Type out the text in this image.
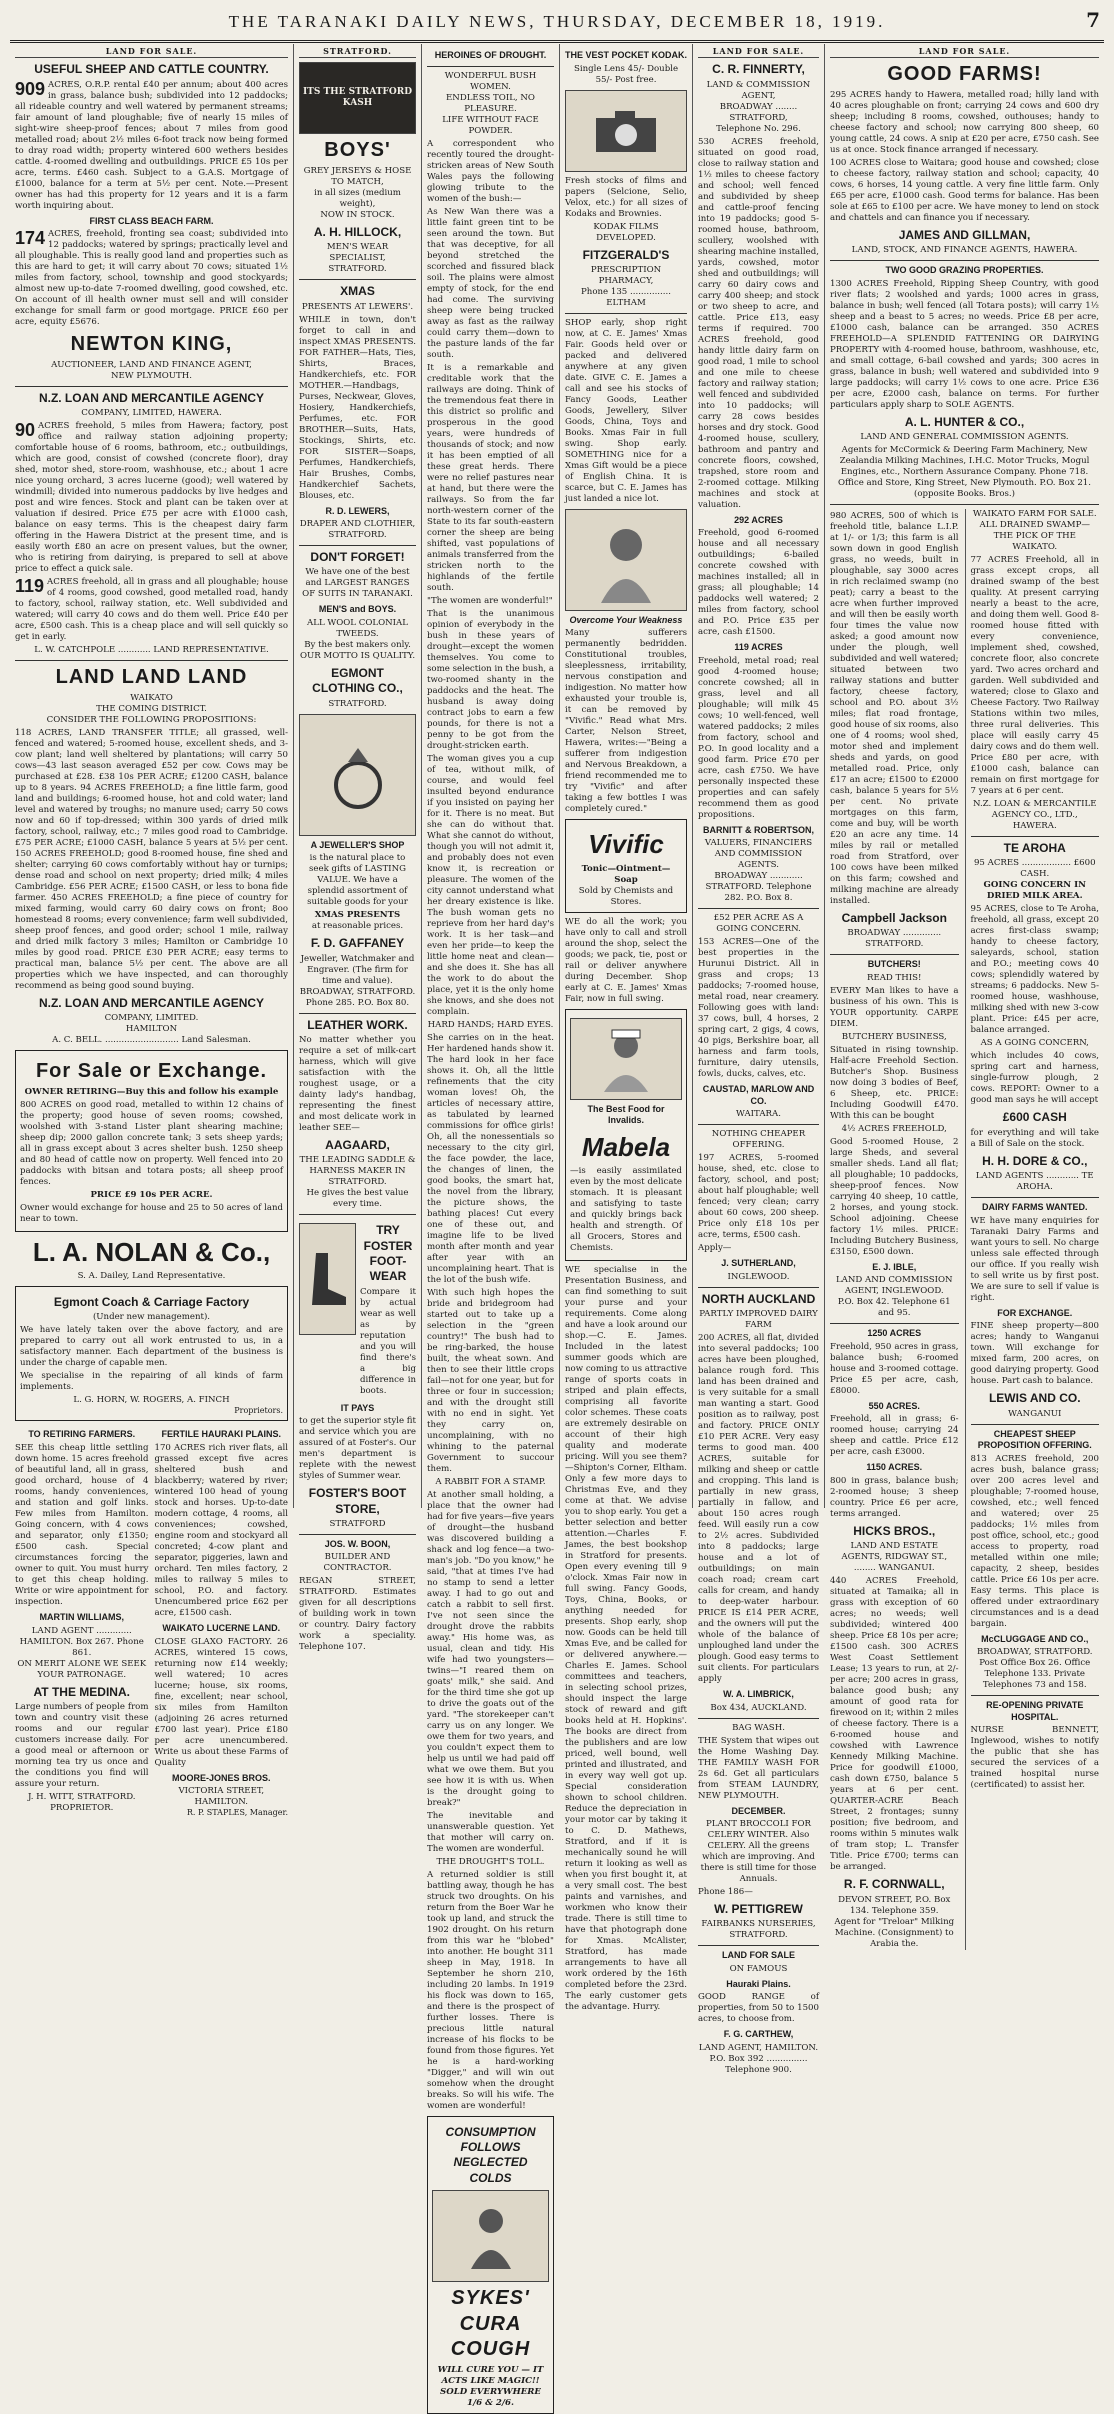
THE TARANAKI DAILY NEWS, THURSDAY, DECEMBER 18, 1919.	7
LAND FOR SALE.
USEFUL SHEEP AND CATTLE COUNTRY.

909 ACRES, O.R.P. rental £40 per annum; about 400 acres in grass, balance bush; subdivided into 12 paddocks; all rideable country and well watered by permanent streams; fair amount of land ploughable; five of nearly 15 miles of sight-wire sheep-proof fences; about 7 miles from good metalled road; about 2½ miles 6-foot track now being formed to dray road width; property wintered 600 wethers besides cattle. 4-roomed dwelling and outbuildings. PRICE £5 10s per acre, terms. £460 cash. Subject to a G.A.S. Mortgage of £1000, balance for a term at 5½ per cent. Note.—Present owner has had this property for 12 years and it is a farm worth inquiring about.

FIRST CLASS BEACH FARM.

174 ACRES, freehold, fronting sea coast; subdivided into 12 paddocks; watered by springs; practically level and all ploughable. This is really good land and properties such as this are hard to get; it will carry about 70 cows; situated 1½ miles from factory, school, township and good stockyards; almost new up-to-date 7-roomed dwelling, good cowshed, etc. On account of ill health owner must sell and will consider exchange for small farm or good mortgage. PRICE £60 per acre, equity £5676.

NEWTON KING,
AUCTIONEER, LAND AND FINANCE AGENT,
NEW PLYMOUTH.
N.Z. LOAN AND MERCANTILE AGENCY
COMPANY, LIMITED, HAWERA.

90 ACRES freehold, 5 miles from Hawera; factory, post office and railway station adjoining property; comfortable house of 6 rooms, bathroom, etc.; outbuildings, which are good, consist of cowshed (concrete floor), dray shed, motor shed, store-room, washhouse, etc.; about 1 acre nice young orchard, 3 acres lucerne (good); well watered by windmill; divided into numerous paddocks by live hedges and post and wire fences. Stock and plant can be taken over at valuation if desired. Price £75 per acre with £1000 cash, balance on easy terms. This is the cheapest dairy farm offering in the Hawera District at the present time, and is easily worth £80 an acre on present values, but the owner, who is retiring from dairying, is prepared to sell at above price to effect a quick sale.

119 ACRES freehold, all in grass and all ploughable; house of 4 rooms, good cowshed, good metalled road, handy to factory, school, railway station, etc. Well subdivided and watered; will carry 40 cows and do them well. Price £40 per acre, £500 cash. This is a cheap place and will sell quickly so get in early.

L. W. CATCHPOLE ............ LAND REPRESENTATIVE.
LAND LAND LAND
WAIKATO
THE COMING DISTRICT.
CONSIDER THE FOLLOWING PROPOSITIONS:

118 ACRES, LAND TRANSFER TITLE; all grassed, well-fenced and watered; 5-roomed house, excellent sheds, and 3-cow plant; land well sheltered by plantations; will carry 50 cows—43 last season averaged £52 per cow. Cows may be purchased at £28. £38 10s PER ACRE; £1200 CASH, balance up to 8 years. 94 ACRES FREEHOLD; a fine little farm, good land and buildings; 6-roomed house, hot and cold water; land level and watered by troughs; no manure used; carry 50 cows now and 60 if top-dressed; within 300 yards of dried milk factory, school, railway, etc.; 7 miles good road to Cambridge. £75 PER ACRE; £1000 CASH, balance 5 years at 5½ per cent. 150 ACRES FREEHOLD; good 8-roomed house, fine shed and shelter; carrying 60 cows comfortably without hay or turnips; dense road and school on next property; dried milk; 4 miles Cambridge. £56 PER ACRE; £1500 CASH, or less to bona fide farmer. 450 ACRES FREEHOLD; a fine piece of country for mixed farming, would carry 60 dairy cows on front; 8oo homestead 8 rooms; every convenience; farm well subdivided, sheep proof fences, and good order; school 1 mile, railway and dried milk factory 3 miles; Hamilton or Cambridge 10 miles by good road. PRICE £30 PER ACRE; easy terms to practical man, balance 5½ per cent. The above are all properties which we have inspected, and can thoroughly recommend as being good sound buying.

N.Z. LOAN AND MERCANTILE AGENCY
COMPANY, LIMITED.
HAMILTON
A. C. BELL. ........................... Land Salesman.
For Sale or Exchange.
OWNER RETIRING—Buy this and follow his example

800 ACRES on good road, metalled to within 12 chains of the property; good house of seven rooms; cowshed, woolshed with 3-stand Lister plant shearing machine; sheep dip; 2000 gallon concrete tank; 3 sets sheep yards; all in grass except about 3 acres shelter bush. 1250 sheep and 80 head of cattle now on property. Well fenced into 20 paddocks with bitsan and totara posts; all sheep proof fences.

PRICE £9 10s PER ACRE.

Owner would exchange for house and 25 to 50 acres of land near to town.

L. A. NOLAN & Co.,
S. A. Dailey, Land Representative.
Egmont Coach & Carriage Factory
(Under new management).

We have lately taken over the above factory, and are prepared to carry out all work entrusted to us, in a satisfactory manner. Each department of the business is under the charge of capable men.

We specialise in the repairing of all kinds of farm implements.

L. G. HORN, W. ROGERS, A. FINCH
Proprietors.
TO RETIRING FARMERS.

SEE this cheap little settling down home. 15 acres freehold of beautiful land, all in grass, good orchard, house of 4 rooms, handy conveniences, and station and golf links. Few miles from Hamilton. Going concern, with 4 cows and separator, only £1350; £500 cash. Special circumstances forcing the owner to quit. You must hurry to get this cheap holding. Write or wire appointment for inspection.

MARTIN WILLIAMS,
LAND AGENT ............. HAMILTON. Box 267. Phone 861.
ON MERIT ALONE WE SEEK YOUR PATRONAGE.
AT THE MEDINA.

Large numbers of people from town and country visit these rooms and our regular customers increase daily. For a good meal or afternoon or morning tea try us once and the conditions you find will assure your return.

J. H. WITT, STRATFORD.
PROPRIETOR.
FERTILE HAURAKI PLAINS.

170 ACRES rich river flats, all grassed except five acres sheltered bush and blackberry; watered by river; wintered 100 head of young stock and horses. Up-to-date modern cottage, 4 rooms, all conveniences; cowshed, engine room and stockyard all concreted; 4-cow plant and separator, piggeries, lawn and orchard. Ten miles factory, 2 miles to railway 5 miles to school, P.O. and factory. Unencumbered price £62 per acre, £1500 cash.

WAIKATO LUCERNE LAND.

CLOSE GLAXO FACTORY. 26 ACRES, wintered 15 cows, returning now £14 weekly; well watered; 10 acres lucerne; house, six rooms, fine, excellent; near school, six miles from Hamilton (adjoining 26 acres returned £700 last year). Price £180 per acre unencumbered. Write us about these Farms of Quality

MOORE-JONES BROS.
VICTORIA STREET, HAMILTON.
R. P. STAPLES, Manager.
STRATFORD.
ITS THE STRATFORD KASH
BOYS'
GREY JERSEYS & HOSE TO MATCH,
in all sizes (medium weight),
NOW IN STOCK.
A. H. HILLOCK,
MEN'S WEAR SPECIALIST, STRATFORD.
XMAS
PRESENTS AT LEWERS'.

WHILE in town, don't forget to call in and inspect XMAS PRESENTS. FOR FATHER—Hats, Ties, Shirts, Braces, Handkerchiefs, etc. FOR MOTHER.—Handbags, Purses, Neckwear, Gloves, Hosiery, Handkerchiefs, Perfumes, etc. FOR BROTHER—Suits, Hats, Stockings, Shirts, etc. FOR SISTER—Soaps, Perfumes, Handkerchiefs, Hair Brushes, Combs, Handkerchief Sachets, Blouses, etc.

R. D. LEWERS,
DRAPER AND CLOTHIER, STRATFORD.
DON'T FORGET!

We have one of the best and LARGEST RANGES OF SUITS IN TARANAKI.

MEN'S and BOYS.
ALL WOOL COLONIAL TWEEDS.
By the best makers only.
OUR MOTTO IS QUALITY.
EGMONT CLOTHING CO.,
STRATFORD.
A JEWELLER'S SHOP

is the natural place to seek gifts of LASTING VALUE. We have a splendid assortment of suitable goods for your

XMAS PRESENTS
at reasonable prices.
F. D. GAFFANEY

Jeweller, Watchmaker and Engraver. (The firm for time and value). BROADWAY, STRATFORD. Phone 285. P.O. Box 80.

LEATHER WORK.

No matter whether you require a set of milk-cart harness, which will give satisfaction with the roughest usage, or a dainty lady's handbag, representing the finest and most delicate work in leather SEE—

AAGAARD,
THE LEADING SADDLE & HARNESS MAKER IN STRATFORD.
He gives the best value every time.
TRY FOSTER FOOT-WEAR

Compare it by actual wear as well as by reputation and you will find there's a big difference in boots.

IT PAYS

to get the superior style fit and service which you are assured of at Foster's. Our men's department is replete with the newest styles of Summer wear.

FOSTER'S BOOT STORE,
STRATFORD
JOS. W. BOON,
BUILDER AND CONTRACTOR.

REGAN STREET, STRATFORD. Estimates given for all descriptions of building work in town or country. Dairy factory work a speciality. Telephone 107.

HEROINES OF DROUGHT.
WONDERFUL BUSH WOMEN.
ENDLESS TOIL, NO PLEASURE.
LIFE WITHOUT FACE POWDER.

A correspondent who recently toured the drought-stricken areas of New South Wales pays the following glowing tribute to the women of the bush:—

As New Wan there was a little faint green tint to be seen around the town. But that was deceptive, for all beyond stretched the scorched and fissured black soil. The plains were almost empty of stock, for the end had come. The surviving sheep were being trucked away as fast as the railway could carry them—down to the pasture lands of the far south.

It is a remarkable and creditable work that the railways are doing. Think of the tremendous feat there in this district so prolific and prosperous in the good years, were hundreds of thousands of stock; and now it has been emptied of all these great herds. There were no relief pastures near at hand, but there were the railways. So from the far north-western corner of the State to its far south-eastern corner the sheep are being shifted, vast populations of animals transferred from the stricken north to the highlands of the fertile south.

"The women are wonderful!"

That is the unanimous opinion of everybody in the bush in these years of drought—except the women themselves. You come to some selection in the bush, a two-roomed shanty in the paddocks and the heat. The husband is away doing contract jobs to earn a few pounds, for there is not a penny to be got from the drought-stricken earth.

The woman gives you a cup of tea, without milk, of course, and would feel insulted beyond endurance if you insisted on paying her for it. There is no meat. But she can do without that. What she cannot do without, though you will not admit it, and probably does not even know it, is recreation or pleasure. The women of the city cannot understand what her dreary existence is like. The bush woman gets no reprieve from her hard day's work. It is her task—and even her pride—to keep the little home neat and clean—and she does it. She has all the work to do about the place, yet it is the only home she knows, and she does not complain.

HARD HANDS; HARD EYES.

She carries on in the heat. Her hardened hands show it. The hard look in her face shows it. Oh, all the little refinements that the city woman loves! Oh, the articles of necessary attire, as tabulated by learned commissions for office girls! Oh, all the nonessentials so necessary to the city girl, the face powder, the lace, the changes of linen, the good books, the smart hat, the novel from the library, the picture shows, the bathing places! Cut every one of these out, and imagine life to be lived month after month and year after year with an uncomplaining heart. That is the lot of the bush wife.

With such high hopes the bride and bridegroom had started out to take up a selection in the "green country!" The bush had to be ring-barked, the house built, the wheat sown. And then to see their little crops fail—not for one year, but for three or four in succession; and with the drought still with no end in sight. Yet they carry on, uncomplaining, with no whining to the paternal Government to succour them.

A RABBIT FOR A STAMP.

At another small holding, a place that the owner had had for five years—five years of drought—the husband was discovered building a shack and log fence—a two-man's job. "Do you know," he said, "that at times I've had no stamp to send a letter away. I had to go out and catch a rabbit to sell first. I've not seen since the drought drove the rabbits away." His home was, as usual, clean and tidy. His wife had two youngsters—twins—"I reared them on goats' milk," she said. And for the third time she got up to drive the goats out of the yard. "The storekeeper can't carry us on any longer. We owe them for two years, and you couldn't expect them to help us until we had paid off what we owe them. But you see how it is with us. When is the drought going to break?"

The inevitable and unanswerable question. Yet that mother will carry on. The women are wonderful.

THE DROUGHT'S TOLL.

A returned soldier is still battling away, though he has struck two droughts. On his return from the Boer War he took up land, and struck the 1902 drought. On his return from this war he "blobed" into another. He bought 311 sheep in May, 1918. In September he shorn 210, including 20 lambs. In 1919 his flock was down to 165, and there is the prospect of further losses. There is precious little natural increase of his flocks to be found from those figures. Yet he is a hard-working "Digger," and will win out somehow when the drought breaks. So will his wife. The women are wonderful!

CONSUMPTION FOLLOWS NEGLECTED COLDS
SYKES' CURA COUGH
WILL CURE YOU — IT ACTS LIKE MAGIC!! SOLD EVERYWHERE 1/6 & 2/6.
THE VEST POCKET KODAK.
Single Lens 45/- Double 55/- Post free.

Fresh stocks of films and papers (Selcione, Selio, Velox, etc.) for all sizes of Kodaks and Brownies.

KODAK FILMS DEVELOPED.
FITZGERALD'S
PRESCRIPTION PHARMACY,
Phone 135 ............... ELTHAM

SHOP early, shop right now, at C. E. James' Xmas Fair. Goods held over or packed and delivered anywhere at any given date. GIVE C. E. James a call and see his stocks of Fancy Goods, Leather Goods, Jewellery, Silver Goods, China, Toys and Books. Xmas Fair in full swing. Shop early. SOMETHING nice for a Xmas Gift would be a piece of English China. It is scarce, but C. E. James has just landed a nice lot.

Overcome Your Weakness

Many sufferers permanently bedridden. Constitutional troubles, sleeplessness, irritability, nervous constipation and indigestion. No matter how exhausted your trouble is, it can be removed by "Vivific." Read what Mrs. Carter, Nelson Street, Hawera, writes:—"Being a sufferer from indigestion and Nervous Breakdown, a friend recommended me to try "Vivific" and after taking a few bottles I was completely cured."

Vivific
Tonic—Ointment—Soap
Sold by Chemists and Stores.

WE do all the work; you have only to call and stroll around the shop, select the goods; we pack, tie, post or rail or deliver anywhere during December. Shop early at C. E. James' Xmas Fair, now in full swing.

The Best Food for Invalids.
Mabela

—is easily assimilated even by the most delicate stomach. It is pleasant and satisfying to taste and quickly brings back health and strength. Of all Grocers, Stores and Chemists.

WE specialise in the Presentation Business, and can find something to suit your purse and your requirements. Come along and have a look around our shop.—C. E. James. Included in the latest summer goods which are now coming to us attractive range of sports coats in striped and plain effects, comprising all favorite color schemes. These coats are extremely desirable on account of their high quality and moderate pricing. Will you see them?—Shipton's Corner, Eltham. Only a few more days to Christmas Eve, and they come at that. We advise you to shop early. You get a better selection and better attention.—Charles F. James, the best bookshop in Stratford for presents. Open every evening till 9 o'clock. Xmas Fair now in full swing. Fancy Goods, Toys, China, Books, or anything needed for presents. Shop early, shop now. Goods can be held till Xmas Eve, and be called for or delivered anywhere.—Charles E. James. School committees and teachers, in selecting school prizes, should inspect the large stock of reward and gift books held at H. Hopkins'. The books are direct from the publishers and are low priced, well bound, well printed and illustrated, and in every way well got up. Special consideration shown to school children. Reduce the depreciation in your motor car by taking it to C. D. Mathews, Stratford, and if it is mechanically sound he will return it looking as well as when you first bought it, at a very small cost. The best paints and varnishes, and workmen who know their trade. There is still time to have that photograph done for Xmas. McAlister, Stratford, has made arrangements to have all work ordered by the 16th completed before the 23rd. The early customer gets the advantage. Hurry.

LAND FOR SALE.
C. R. FINNERTY,
LAND & COMMISSION AGENT,
BROADWAY ........ STRATFORD,
Telephone No. 296.

530 ACRES freehold, situated on good road, close to railway station and 1½ miles to cheese factory and school; well fenced and subdivided by sheep and cattle-proof fencing into 19 paddocks; good 5-roomed house, bathroom, scullery, woolshed with shearing machine installed, yards, cowshed, motor shed and outbuildings; will carry 60 dairy cows and carry 400 sheep; and stock or two sheep to acre, and cattle. Price £13, easy terms if required. 700 ACRES freehold, good handy little dairy farm on good road, 1 mile to school and one mile to cheese factory and railway station; well fenced and subdivided into 10 paddocks; will carry 28 cows besides horses and dry stock. Good 4-roomed house, scullery, bathroom and pantry and concrete floors, cowshed, trapshed, store room and 2-roomed cottage. Milking machines and stock at valuation.

292 ACRES

Freehold, good 6-roomed house and all necessary outbuildings; 6-bailed concrete cowshed with machines installed; all in grass; all ploughable; 14 paddocks well watered; 2 miles from factory, school and P.O. Price £35 per acre, cash £1500.

119 ACRES

Freehold, metal road; real good 4-roomed house; concrete cowshed; all in grass, level and all ploughable; will milk 45 cows; 10 well-fenced, well watered paddocks; 2 miles from factory, school and P.O. In good locality and a good farm. Price £70 per acre, cash £750. We have personally inspected these properties and can safely recommend them as good propositions.

BARNITT & ROBERTSON,
VALUERS, FINANCIERS AND COMMISSION AGENTS.
BROADWAY ............ STRATFORD. Telephone 282. P.O. Box 8.
£52 PER ACRE AS A GOING CONCERN.

153 ACRES—One of the best properties in the Hurunui District. All in grass and crops; 13 paddocks; 7-roomed house, metal road, near creamery. Following goes with land: 37 cows, bull, 4 horses, 2 spring cart, 2 gigs, 4 cows, 40 pigs, Berkshire boar, all harness and farm tools, furniture, dairy utensils, fowls, ducks, calves, etc.

CAUSTAD, MARLOW AND CO.
WAITARA.
NOTHING CHEAPER OFFERING.

197 ACRES, 5-roomed house, shed, etc. close to factory, school, and post; about half ploughable; well fenced; very clean; carry about 60 cows, 200 sheep. Price only £18 10s per acre, terms, £500 cash.

Apply—
J. SUTHERLAND,
INGLEWOOD.
NORTH AUCKLAND
PARTLY IMPROVED DAIRY FARM

200 ACRES, all flat, divided into several paddocks; 100 acres have been ploughed, balance rough ford. This land has been drained and is very suitable for a small man wanting a start. Good position as to railway, post and factory. PRICE ONLY £10 PER ACRE. Very easy terms to good man. 400 ACRES, suitable for milking and sheep or cattle and cropping. This land is partially in new grass, partially in fallow, and about 150 acres rough feed. Will easily run a cow to 2½ acres. Subdivided into 8 paddocks; large house and a lot of outbuildings; on main coach road; cream cart calls for cream, and handy to deep-water harbour. PRICE IS £14 PER ACRE, and the owners will put the whole of the balance of unploughed land under the plough. Good easy terms to suit clients. For particulars apply

W. A. LIMBRICK,
Box 434, AUCKLAND.
BAG WASH.

THE System that wipes out the Home Washing Day. THE FAMILY WASH FOR 2s 6d. Get all particulars from STEAM LAUNDRY, NEW PLYMOUTH.

DECEMBER.

PLANT BROCCOLI FOR CELERY WINTER. Also CELERY. All the greens which are improving. And there is still time for those Annuals.

Phone 186—
W. PETTIGREW
FAIRBANKS NURSERIES, STRATFORD.
LAND FOR SALE
ON FAMOUS
Hauraki Plains.

GOOD RANGE of properties, from 50 to 1500 acres, to choose from.

F. G. CARTHEW,
LAND AGENT, HAMILTON.
P.O. Box 392 ............... Telephone 900.
LAND FOR SALE.
GOOD FARMS!

295 ACRES handy to Hawera, metalled road; hilly land with 40 acres ploughable on front; carrying 24 cows and 600 dry sheep; including 8 rooms, cowshed, outhouses; handy to cheese factory and school; now carrying 800 sheep, 60 young cattle, 24 cows. A snip at £20 per acre, £750 cash. See us at once. Stock finance arranged if necessary.

100 ACRES close to Waitara; good house and cowshed; close to cheese factory, railway station and school; capacity, 40 cows, 6 horses, 14 young cattle. A very fine little farm. Only £65 per acre, £1000 cash. Good terms for balance. Has been sole at £65 to £100 per acre. We have money to lend on stock and chattels and can finance you if necessary.

JAMES AND GILLMAN,
LAND, STOCK, AND FINANCE AGENTS, HAWERA.
TWO GOOD GRAZING PROPERTIES.

1300 ACRES Freehold, Ripping Sheep Country, with good river flats; 2 woolshed and yards; 1000 acres in grass, balance in bush; well fenced (all Totara posts); will carry 1½ sheep and a beast to 5 acres; no weeds. Price £8 per acre, £1000 cash, balance can be arranged. 350 ACRES FREEHOLD—A SPLENDID FATTENING OR DAIRYING PROPERTY with 4-roomed house, bathroom, washhouse, etc, and small cottage, 6-bail cowshed and yards; 300 acres in grass, balance in bush; well watered and subdivided into 9 large paddocks; will carry 1½ cows to one acre. Price £36 per acre, £2000 cash, balance on terms. For further particulars apply sharp to SOLE AGENTS.

A. L. HUNTER & CO.,
LAND AND GENERAL COMMISSION AGENTS.

Agents for McCormick & Deering Farm Machinery, New Zealandia Milking Machines, I.H.C. Motor Trucks, Mogul Engines, etc., Northern Assurance Company. Phone 718. Office and Store, King Street, New Plymouth. P.O. Box 21. (opposite Books. Bros.)

980 ACRES, 500 of which is freehold title, balance L.I.P. at 1/- or 1/3; this farm is all sown down in good English grass, no weeds, built in ploughable, say 3000 acres in rich reclaimed swamp (no peat); carry a beast to the acre when further improved and will then be easily worth four times the value now asked; a good amount now under the plough, well subdivided and well watered; situated between two railway stations and butter factory, cheese factory, school and P.O. about 3½ miles; flat road frontage, good house of six rooms, also one of 4 rooms; wool shed, motor shed and implement sheds and yards, on good metalled road. Price, only £17 an acre; £1500 to £2000 cash, balance 5 years for 5½ per cent. No private mortgages on this farm, come and buy, will be worth £20 an acre any time. 14 miles by rail or metalled road from Stratford, over 100 cows have been milked on this farm; cowshed and milking machine are already installed.

Campbell Jackson
BROADWAY .............. STRATFORD.
BUTCHERS!
READ THIS!

EVERY Man likes to have a business of his own. This is YOUR opportunity. CARPE DIEM.

BUTCHERY BUSINESS,

Situated in rising township. Half-acre Freehold Section. Butcher's Shop. Business now doing 3 bodies of Beef, 6 Sheep, etc. PRICE: Including Goodwill £470. With this can be bought

4½ ACRES FREEHOLD,

Good 5-roomed House, 2 large Sheds, and several smaller sheds. Land all flat; all ploughable; 10 paddocks, sheep-proof fences. Now carrying 40 sheep, 10 cattle, 2 horses, and young stock. School adjoining. Cheese factory 1½ miles. PRICE: Including Butchery Business, £3150, £500 down.

E. J. IBLE,
LAND AND COMMISSION AGENT, INGLEWOOD.
P.O. Box 42. Telephone 61 and 95.
1250 ACRES

Freehold, 950 acres in grass, balance bush; 6-roomed house and 3-roomed cottage. Price £5 per acre, cash, £8000.

550 ACRES.

Freehold, all in grass; 6-roomed house; carrying 24 sheep and cattle. Price £12 per acre, cash £3000.

1150 ACRES.

800 in grass, balance bush; 2-roomed house; 3 sheep country. Price £6 per acre, terms arranged.

HICKS BROS.,
LAND AND ESTATE AGENTS, RIDGWAY ST., ........ WANGANUI.

440 ACRES Freehold, situated at Tamaika; all in grass with exception of 60 acres; no weeds; well subdivided; wintered 400 sheep. Price £8 10s per acre; £1500 cash. 300 ACRES West Coast Settlement Lease; 13 years to run, at 2/- per acre; 200 acres in grass, balance good bush; any amount of good rata for firewood on it; within 2 miles of cheese factory. There is a 6-roomed house and cowshed with Lawrence Kennedy Milking Machine. Price for goodwill £1000, cash down £750, balance 5 years at 6 per cent. QUARTER-ACRE Beach Street, 2 frontages; sunny position; five bedroom, and rooms within 5 minutes walk of tram stop; L. Transfer Title. Price £700; terms can be arranged.

R. F. CORNWALL,
DEVON STREET, P.O. Box 134. Telephone 359.
Agent for "Treloar" Milking Machine. (Consignment) to Arabia the.
WAIKATO FARM FOR SALE.
ALL DRAINED SWAMP—THE PICK OF THE WAIKATO.

77 ACRES Freehold, all in grass except crops, all drained swamp of the best quality. At present carrying nearly a beast to the acre, and doing them well. Good 8-roomed house fitted with every convenience, implement shed, cowshed, concrete floor, also concrete yard. Two acres orchard and garden. Well subdivided and watered; close to Glaxo and Cheese Factory. Two Railway Stations within two miles, three rural deliveries. This place will easily carry 45 dairy cows and do them well. Price £80 per acre, with £1000 cash, balance can remain on first mortgage for 7 years at 6 per cent.

N.Z. LOAN & MERCANTILE AGENCY CO., LTD., HAWERA.
TE AROHA
95 ACRES .................. £600 CASH.
GOING CONCERN IN DRIED MILK AREA.

95 ACRES, close to Te Aroha, freehold, all grass, except 20 acres first-class swamp; handy to cheese factory, saleyards, school, station and P.O.; meeting cows 40 cows; splendidly watered by streams; 6 paddocks. New 5-roomed house, washhouse, milking shed with new 3-cow plant. Price: £45 per acre, balance arranged.

AS A GOING CONCERN,

which includes 40 cows, spring cart and harness, single-furrow plough, 2 cows. REPORT: Owner to a good man says he will accept

£600 CASH

for everything and will take a Bill of Sale on the stock.

H. H. DORE & CO.,
LAND AGENTS ............ TE AROHA.
DAIRY FARMS WANTED.

WE have many enquiries for Taranaki Dairy Farms and want yours to sell. No charge unless sale effected through our office. If you really wish to sell write us by first post. We are sure to sell if value is right.

FOR EXCHANGE.

FINE sheep property—800 acres; handy to Wanganui town. Will exchange for mixed farm, 200 acres, on good dairying property. Good house. Part cash to balance.

LEWIS AND CO.
WANGANUI
CHEAPEST SHEEP PROPOSITION OFFERING.

813 ACRES freehold, 200 acres bush, balance grass; over 200 acres level and ploughable; 7-roomed house, cowshed, etc.; well fenced and watered; over 25 paddocks; 1½ miles from post office, school, etc.; good access to property, road metalled within one mile; capacity, 2 sheep, besides cattle. Price £6 10s per acre. Easy terms. This place is offered under extraordinary circumstances and is a dead bargain.

McCLUGGAGE AND CO.,
BROADWAY, STRATFORD.
Post Office Box 26. Office Telephone 133. Private Telephones 73 and 158.
RE-OPENING PRIVATE HOSPITAL.

NURSE BENNETT, Inglewood, wishes to notify the public that she has secured the services of a trained hospital nurse (certificated) to assist her.
